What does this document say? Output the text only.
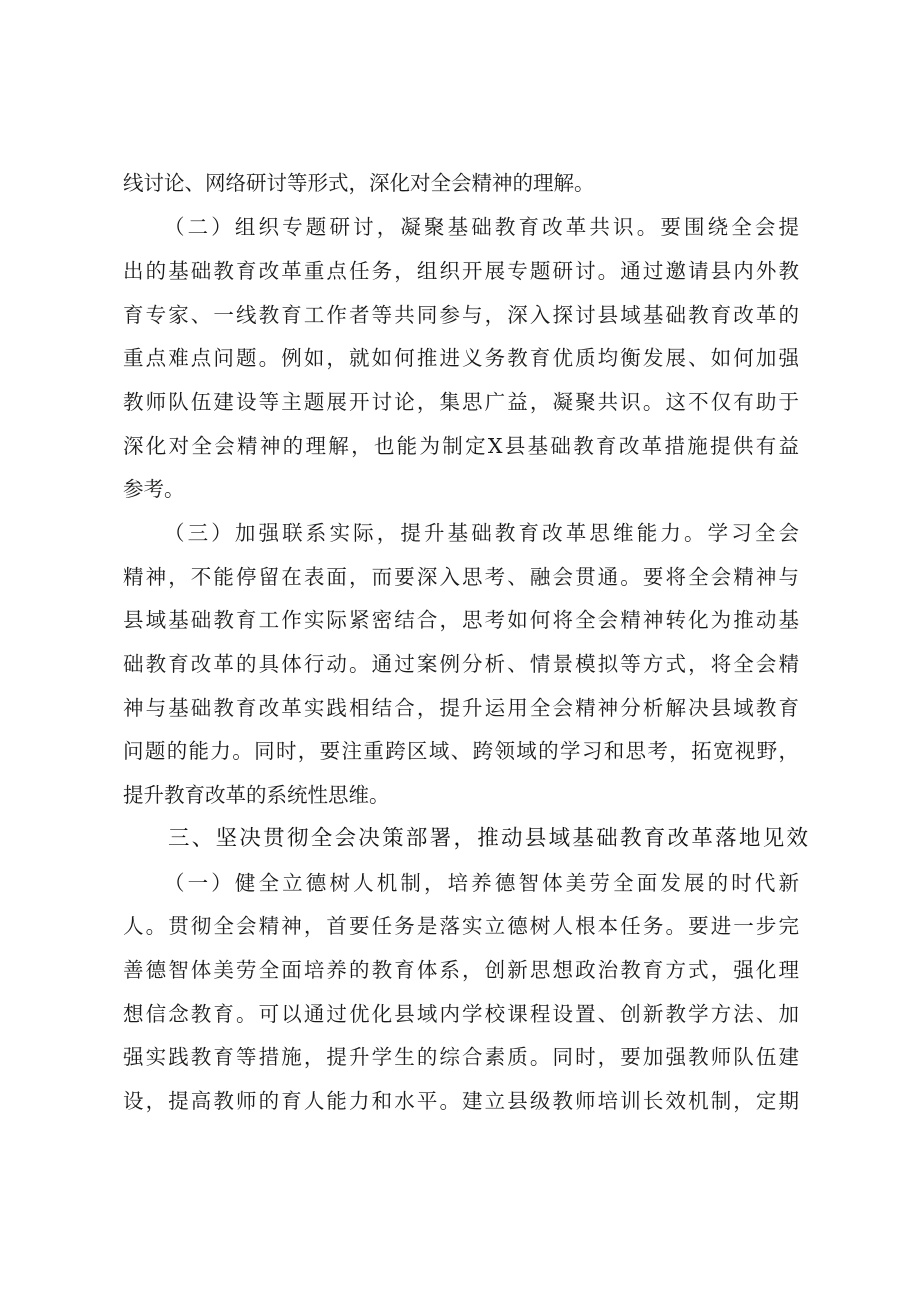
线讨论、网络研讨等形式，深化对全会精神的理解。
（二）组织专题研讨，凝聚基础教育改革共识。要围绕全会提
出的基础教育改革重点任务，组织开展专题研讨。通过邀请县内外教
育专家、一线教育工作者等共同参与，深入探讨县域基础教育改革的
重点难点问题。例如，就如何推进义务教育优质均衡发展、如何加强
教师队伍建设等主题展开讨论，集思广益，凝聚共识。这不仅有助于
深化对全会精神的理解，也能为制定X县基础教育改革措施提供有益
参考。
（三）加强联系实际，提升基础教育改革思维能力。学习全会
精神，不能停留在表面，而要深入思考、融会贯通。要将全会精神与
县域基础教育工作实际紧密结合，思考如何将全会精神转化为推动基
础教育改革的具体行动。通过案例分析、情景模拟等方式，将全会精
神与基础教育改革实践相结合，提升运用全会精神分析解决县域教育
问题的能力。同时，要注重跨区域、跨领域的学习和思考，拓宽视野，
提升教育改革的系统性思维。
三、坚决贯彻全会决策部署，推动县域基础教育改革落地见效
（一）健全立德树人机制，培养德智体美劳全面发展的时代新
人。贯彻全会精神，首要任务是落实立德树人根本任务。要进一步完
善德智体美劳全面培养的教育体系，创新思想政治教育方式，强化理
想信念教育。可以通过优化县域内学校课程设置、创新教学方法、加
强实践教育等措施，提升学生的综合素质。同时，要加强教师队伍建
设，提高教师的育人能力和水平。建立县级教师培训长效机制，定期
